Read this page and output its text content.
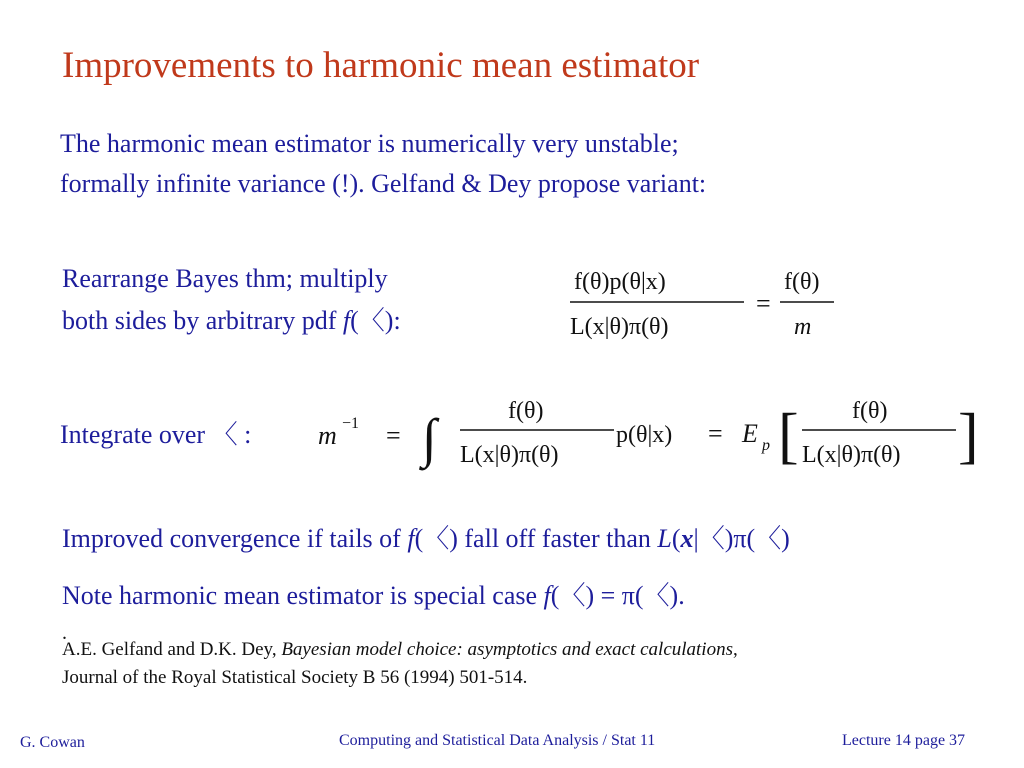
Improvements to harmonic mean estimator
The harmonic mean estimator is numerically very unstable;
formally infinite variance (!). Gelfand & Dey propose variant:
Rearrange Bayes thm; multiply
both sides by arbitrary pdf f(〈):
f(θ)p(θ|x)
L(x|θ)π(θ)
=
f(θ)
m
Integrate over 〈 :	m −1 = ∫	f(θ)
L(x|θ)π(θ)
p(θ|x) = E p [ f(θ)
L(x|θ)π(θ) ]
Improved convergence if tails of f(〈) fall off faster than L(x|〈)π(〈)
Note harmonic mean estimator is special case f(〈) = π(〈).
.
A.E. Gelfand and D.K. Dey, Bayesian model choice: asymptotics and exact calculations,
Journal of the Royal Statistical Society B 56 (1994) 501-514.
G. Cowan	Computing and Statistical Data Analysis / Stat 11	Lecture 14 page 37
